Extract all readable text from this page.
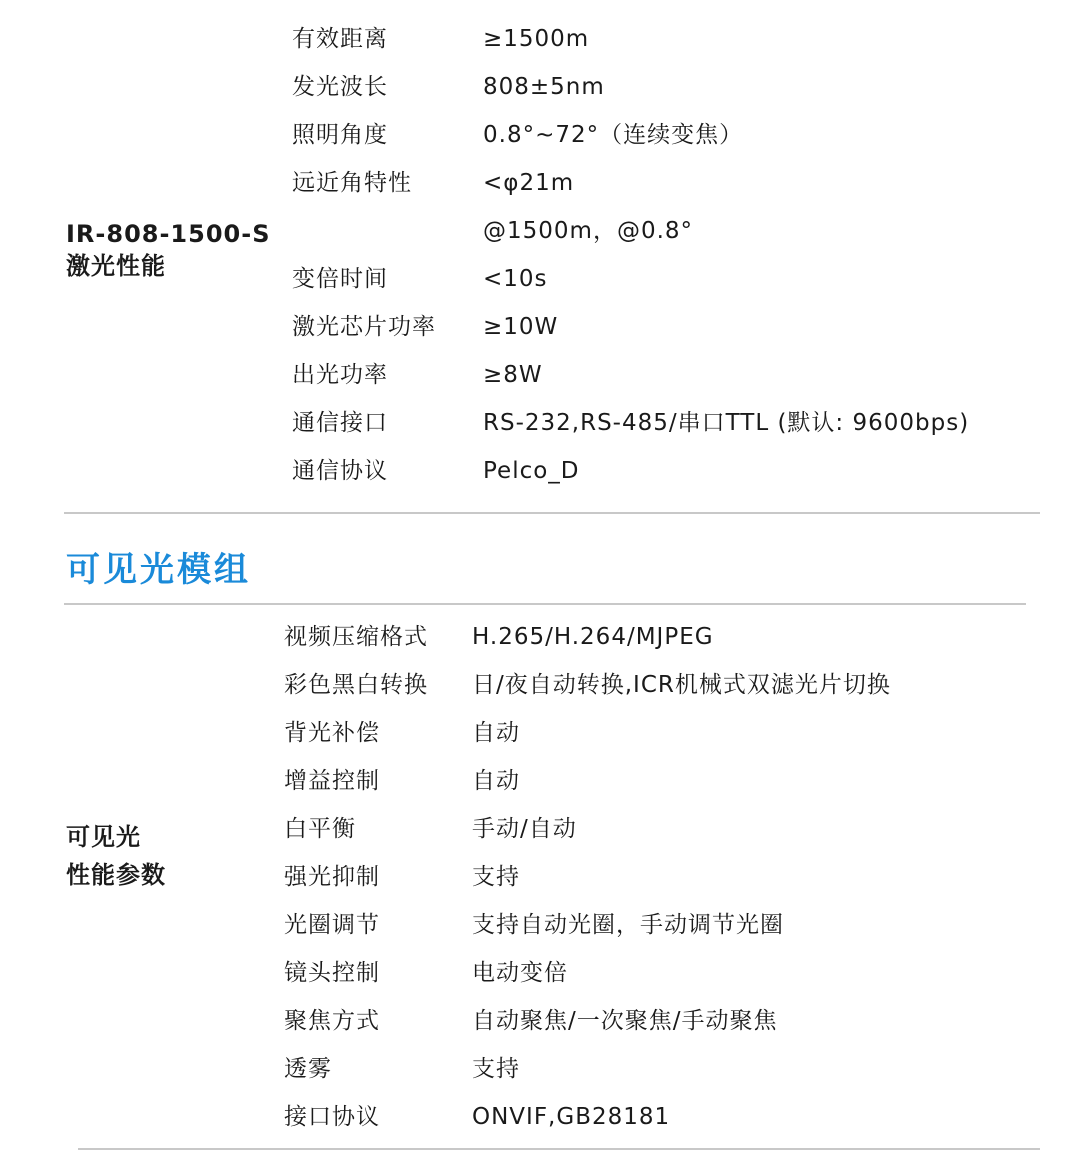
IR-808-1500-S
激光性能
有效距离	≥1500m
发光波长	808±5nm
照明角度	0.8°~72°（连续变焦）
远近角特性	<φ21m
@1500m，@0.8°
变倍时间	<10s
激光芯片功率 ≥10W
出光功率	≥8W
通信接口	RS-232,RS-485/串口TTL (默认: 9600bps)
通信协议	Pelco_D
可见光模组
可见光
性能参数
视频压缩格式 H.265/H.264/MJPEG
彩色黑白转换 日/夜自动转换,ICR机械式双滤光片切换
背光补偿	自动
增益控制	自动
白平衡	手动/自动
强光抑制	支持
光圈调节	支持自动光圈，手动调节光圈
镜头控制	电动变倍
聚焦方式	自动聚焦/一次聚焦/手动聚焦
透雾	支持
接口协议	ONVIF,GB28181
